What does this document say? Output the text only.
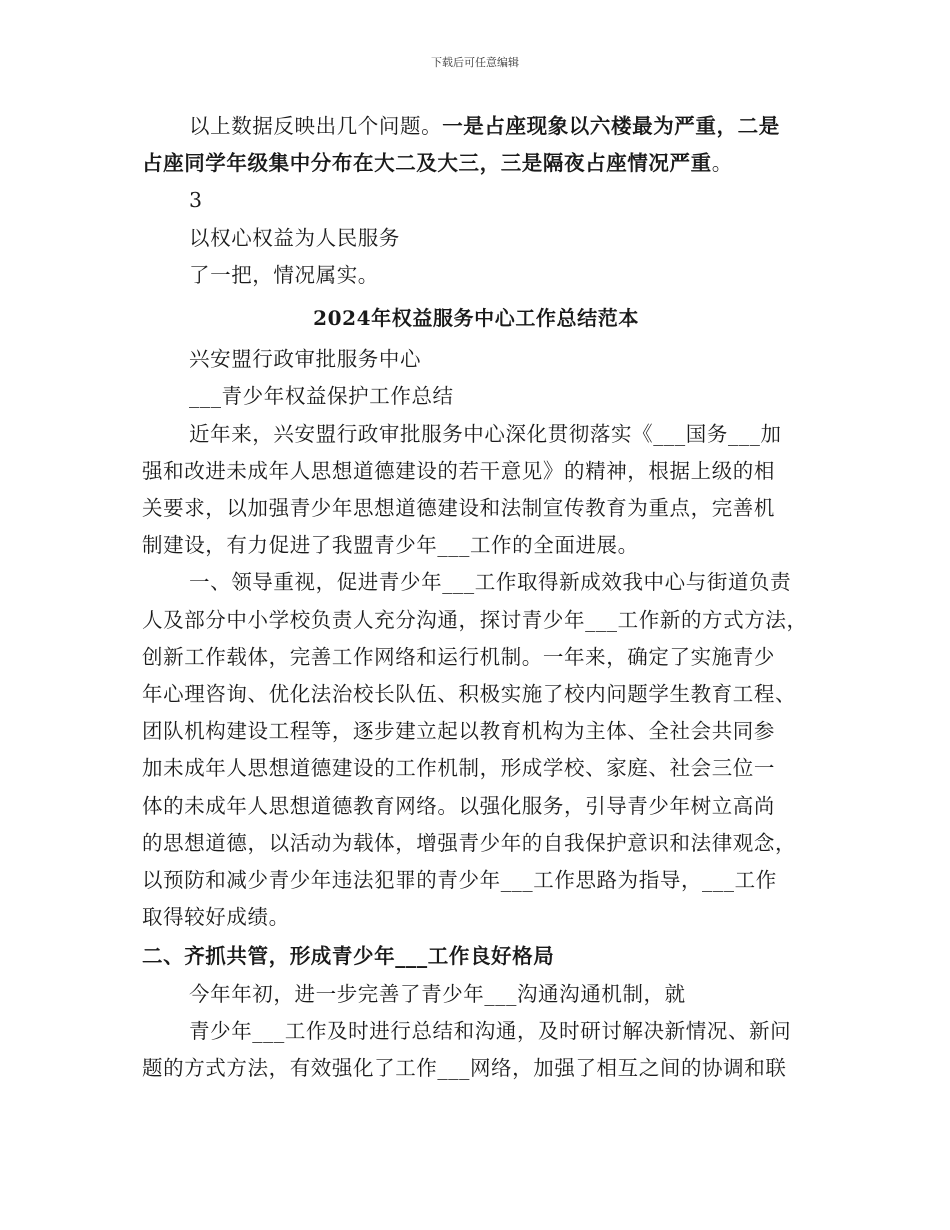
下载后可任意编辑
以上数据反映出几个问题。一是占座现象以六楼最为严重，二是
占座同学年级集中分布在大二及大三，三是隔夜占座情况严重。
3
以权心权益为人民服务
了一把，情况属实。
2024年权益服务中心工作总结范本
兴安盟行政审批服务中心
___青少年权益保护工作总结
近年来，兴安盟行政审批服务中心深化贯彻落实《___国务___加
强和改进未成年人思想道德建设的若干意见》的精神，根据上级的相
关要求，以加强青少年思想道德建设和法制宣传教育为重点，完善机
制建设，有力促进了我盟青少年___工作的全面进展。
一、领导重视，促进青少年___工作取得新成效我中心与街道负责
人及部分中小学校负责人充分沟通，探讨青少年___工作新的方式方法，
创新工作载体，完善工作网络和运行机制。一年来，确定了实施青少
年心理咨询、优化法治校长队伍、积极实施了校内问题学生教育工程、
团队机构建设工程等，逐步建立起以教育机构为主体、全社会共同参
加未成年人思想道德建设的工作机制，形成学校、家庭、社会三位一
体的未成年人思想道德教育网络。以强化服务，引导青少年树立高尚
的思想道德，以活动为载体，增强青少年的自我保护意识和法律观念，
以预防和减少青少年违法犯罪的青少年___工作思路为指导，___工作
取得较好成绩。
二、齐抓共管，形成青少年___工作良好格局
今年年初，进一步完善了青少年___沟通沟通机制，就
青少年___工作及时进行总结和沟通，及时研讨解决新情况、新问
题的方式方法，有效强化了工作___网络，加强了相互之间的协调和联
